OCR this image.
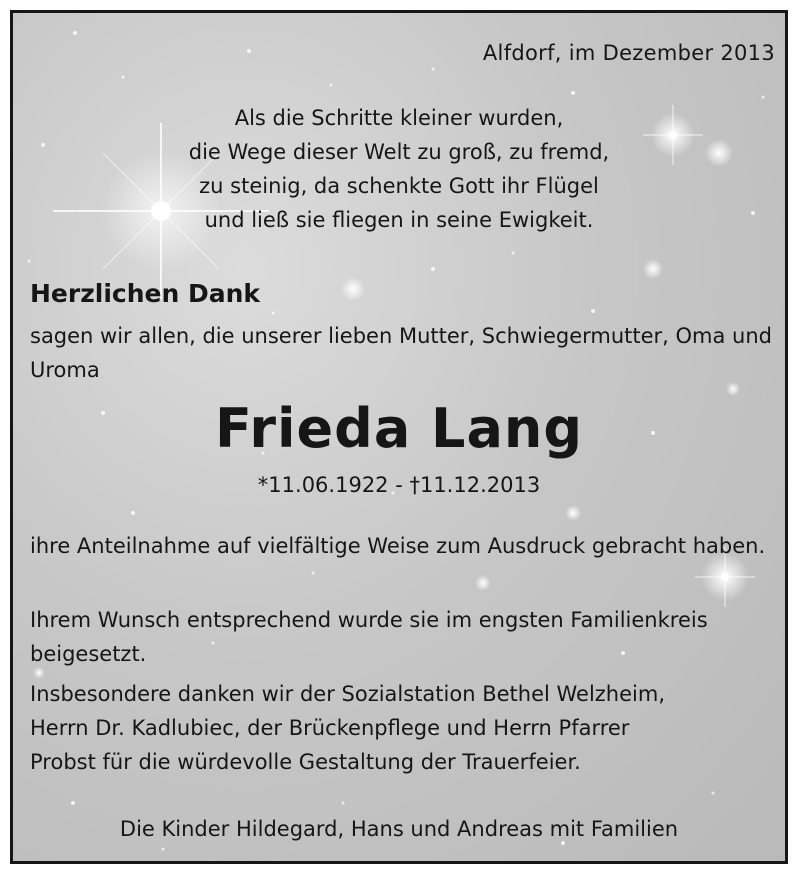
Alfdorf, im Dezember 2013
Als die Schritte kleiner wurden,
die Wege dieser Welt zu groß, zu fremd,
zu steinig, da schenkte Gott ihr Flügel
und ließ sie fliegen in seine Ewigkeit.
Herzlichen Dank
sagen wir allen, die unserer lieben Mutter, Schwiegermutter, Oma und Uroma
Frieda Lang
*11.06.1922 - †11.12.2013
ihre Anteilnahme auf vielfältige Weise zum Ausdruck gebracht haben.
Ihrem Wunsch entsprechend wurde sie im engsten Familienkreis beigesetzt.
Insbesondere danken wir der Sozialstation Bethel Welzheim,
Herrn Dr. Kadlubiec, der Brückenpflege und Herrn Pfarrer
Probst für die würdevolle Gestaltung der Trauerfeier.
Die Kinder Hildegard, Hans und Andreas mit Familien
